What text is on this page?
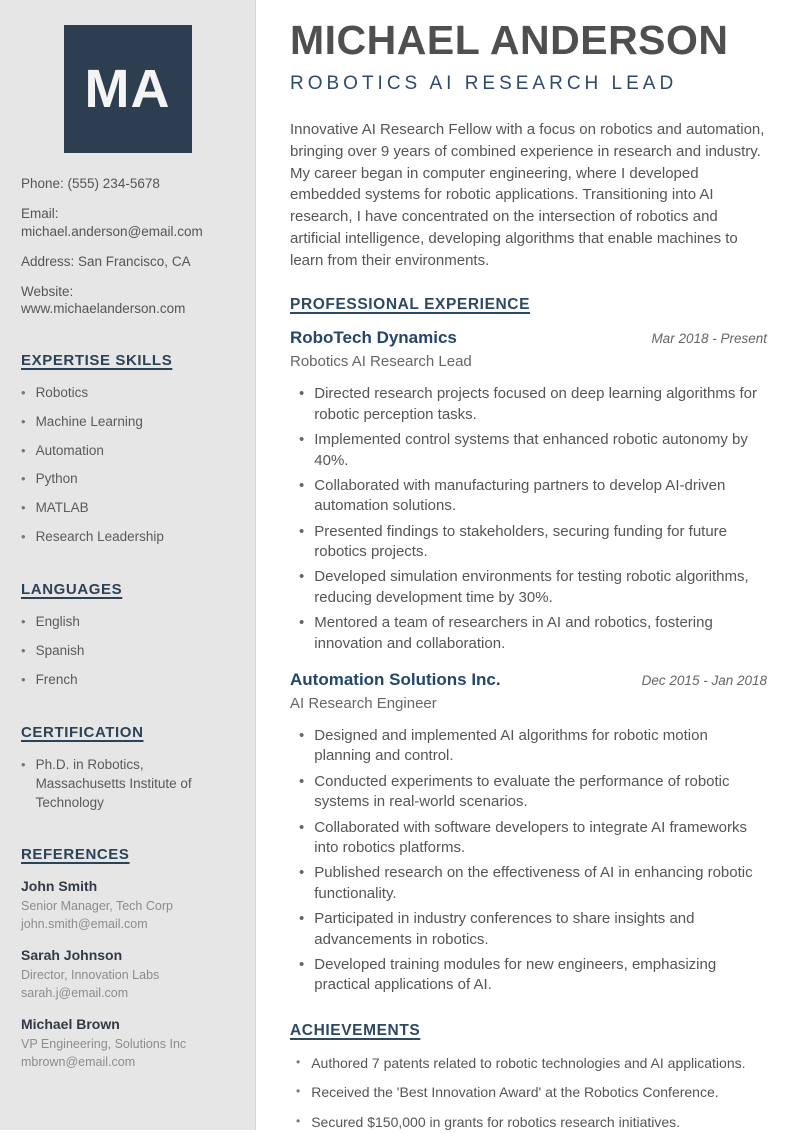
MA
Phone: (555) 234-5678
Email: michael.anderson@email.com
Address: San Francisco, CA
Website: www.michaelanderson.com
EXPERTISE SKILLS
• Robotics
• Machine Learning
• Automation
• Python
• MATLAB
• Research Leadership
LANGUAGES
• English
• Spanish
• French
CERTIFICATION
• Ph.D. in Robotics, Massachusetts Institute of Technology
REFERENCES
John Smith
Senior Manager, Tech Corp
john.smith@email.com
Sarah Johnson
Director, Innovation Labs
sarah.j@email.com
Michael Brown
VP Engineering, Solutions Inc
mbrown@email.com
MICHAEL ANDERSON
ROBOTICS AI RESEARCH LEAD

Innovative AI Research Fellow with a focus on robotics and automation, bringing over 9 years of combined experience in research and industry. My career began in computer engineering, where I developed embedded systems for robotic applications. Transitioning into AI research, I have concentrated on the intersection of robotics and artificial intelligence, developing algorithms that enable machines to learn from their environments.

PROFESSIONAL EXPERIENCE
RoboTech Dynamics	Mar 2018 - Present
Robotics AI Research Lead
• Directed research projects focused on deep learning algorithms for robotic perception tasks.
• Implemented control systems that enhanced robotic autonomy by 40%.
• Collaborated with manufacturing partners to develop AI-driven automation solutions.
• Presented findings to stakeholders, securing funding for future robotics projects.
• Developed simulation environments for testing robotic algorithms, reducing development time by 30%.
• Mentored a team of researchers in AI and robotics, fostering innovation and collaboration.
Automation Solutions Inc.	Dec 2015 - Jan 2018
AI Research Engineer
• Designed and implemented AI algorithms for robotic motion planning and control.
• Conducted experiments to evaluate the performance of robotic systems in real-world scenarios.
• Collaborated with software developers to integrate AI frameworks into robotics platforms.
• Published research on the effectiveness of AI in enhancing robotic functionality.
• Participated in industry conferences to share insights and advancements in robotics.
• Developed training modules for new engineers, emphasizing practical applications of AI.
ACHIEVEMENTS
• Authored 7 patents related to robotic technologies and AI applications.
• Received the 'Best Innovation Award' at the Robotics Conference.
• Secured $150,000 in grants for robotics research initiatives.
